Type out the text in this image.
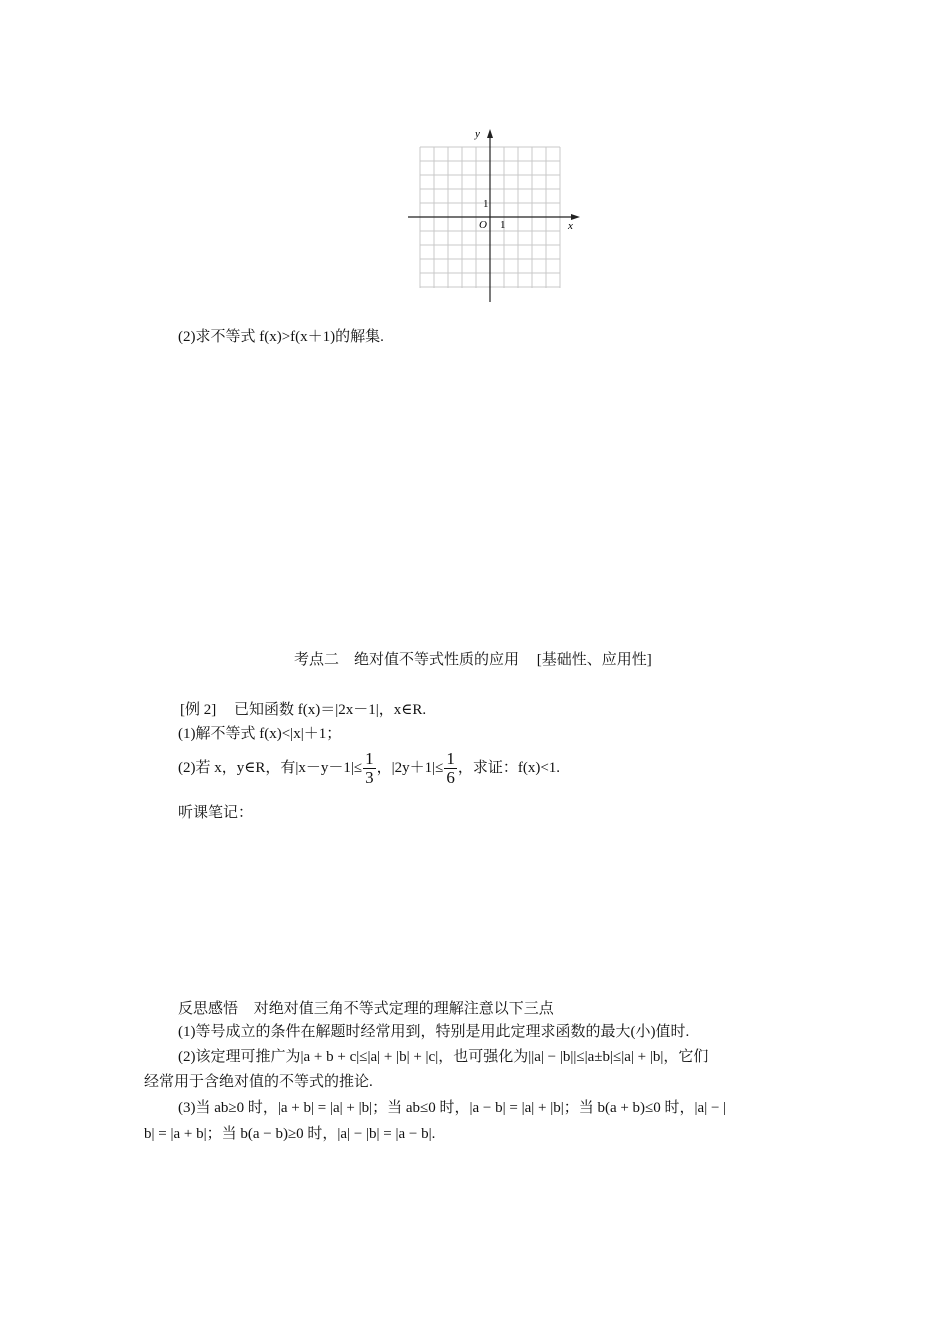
y
x
O 1
1
(2)求不等式 f(x)>f(x＋1)的解集.
考点二　绝对值不等式性质的应用 [基础性、应用性]
[例 2] 已知函数 f(x)＝|2x－1|，x∈R.
(1)解不等式 f(x)<|x|＋1；
(2)若 x，y∈R，有$|x-y-1|\le \frac{1}{3}$ ，$|2y+1|\le \frac{1}{6}$ ，求证：f(x)<1.
听课笔记：
反思感悟 对绝对值三角不等式定理的理解注意以下三点
(1)等号成立的条件在解题时经常用到，特别是用此定理求函数的最大(小)值时.
(2)该定理可推广为|a + b + c|≤|a| + |b| + |c|，也可强化为||a| − |b||≤|a±b|≤|a| + |b|，它们
经常用于含绝对值的不等式的推论.
(3)当 ab≥0 时，|a + b| = |a| + |b|；当 ab≤0 时，|a − b| = |a| + |b|；当 b(a + b)≤0 时，|a| − |
b| = |a + b|；当 b(a − b)≥0 时，|a| − |b| = |a − b|.
